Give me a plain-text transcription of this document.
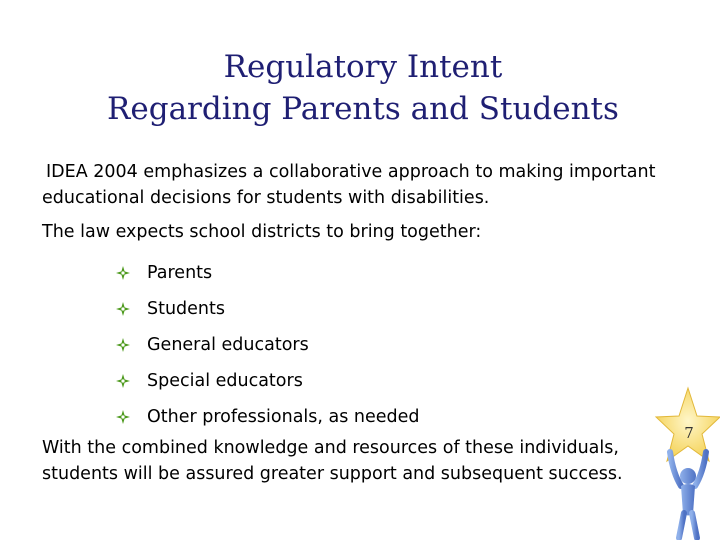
Regulatory Intent
Regarding Parents and Students

IDEA 2004 emphasizes a collaborative approach to making important
educational decisions for students with disabilities.

The law expects school districts to bring together:

Parents
Students
General educators
Special educators
Other professionals, as needed

With the combined knowledge and resources of these individuals,
students will be assured greater support and subsequent success.

7
